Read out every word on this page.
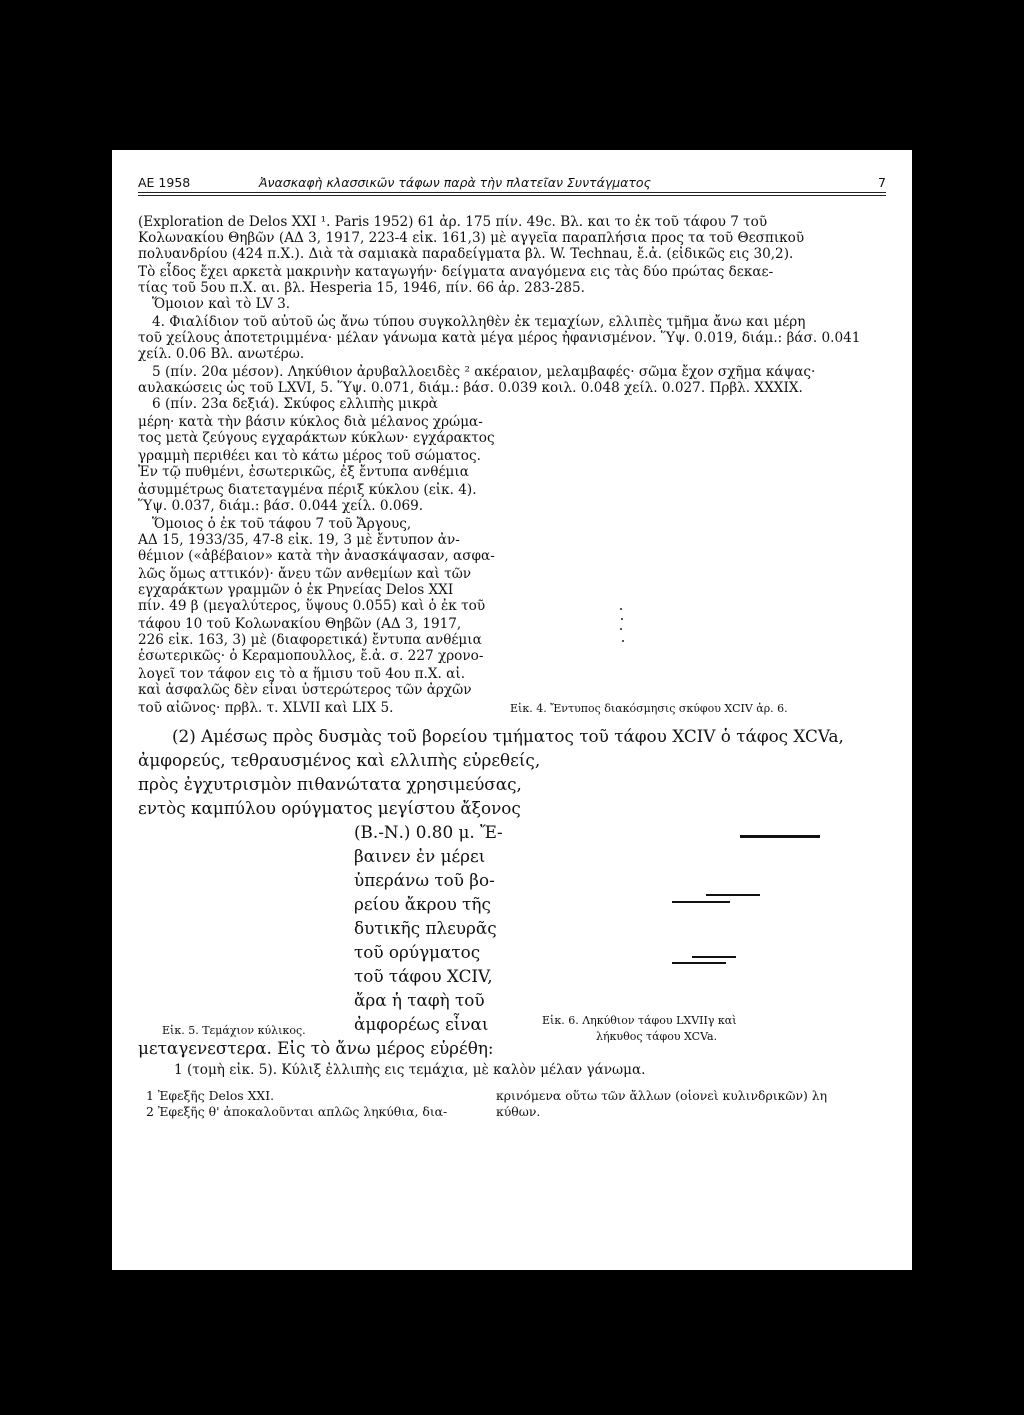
ΑΕ 1958	Ἀνασκαφὴ κλασσικῶν τάφων παρὰ τὴν πλατεῖαν Συντάγματος	7
(Exploration de Delos XXI ¹. Paris 1952) 61 ἀρ. 175 πίν. 49c. Βλ. και το ἐκ τοῦ τάφου 7 τοῦ
Κολωνακίου Θηβῶν (ΑΔ 3, 1917, 223-4 εἰκ. 161,3) μὲ αγγεῖα παραπλήσια προς τα τοῦ Θεσπικοῦ
πολυανδρίου (424 π.Χ.). Διὰ τὰ σαμιακὰ παραδείγματα βλ. W. Technau, ἔ.ἀ. (εἰδικῶς εις 30,2).
Τὸ εἶδος ἔχει αρκετὰ μακρινὴν καταγωγήν· δείγματα αναγόμενα εις τὰς δύο πρώτας δεκαε-
τίας τοῦ 5ου π.Χ. αι. βλ. Hesperia 15, 1946, πίν. 66 ἀρ. 283-285.
Ὅμοιον καὶ τὸ LV 3.
4. Φιαλίδιον τοῦ αὐτοῦ ὡς ἄνω τύπου συγκολληθὲν ἐκ τεμαχίων, ελλιπὲς τμῆμα ἄνω και μέρη
τοῦ χείλους ἀποτετριμμένα· μέλαν γάνωμα κατὰ μέγα μέρος ἠφανισμένον. Ὕψ. 0.019, διάμ.: βάσ. 0.041
χείλ. 0.06 Βλ. ανωτέρω.
5 (πίν. 20α μέσον). Ληκύθιον ἀρυβαλλοειδὲς ² ακέραιον, μελαμβαφές· σῶμα ἔχον σχῆμα κάψας·
αυλακώσεις ὡς τοῦ LXVI, 5. Ὕψ. 0.071, διάμ.: βάσ. 0.039 κοιλ. 0.048 χείλ. 0.027. Πρβλ. XXXIX.
6 (πίν. 23α δεξιά). Σκύφος ελλιπὴς μικρὰ
μέρη· κατὰ τὴν βάσιν κύκλος διὰ μέλανος χρώμα-
τος μετὰ ζεύγους εγχαράκτων κύκλων· εγχάρακτος
γραμμὴ περιθέει και τὸ κάτω μέρος τοῦ σώματος.
Ἐν τῷ πυθμένι, ἐσωτερικῶς, ἐξ ἔντυπα ανθέμια
ἀσυμμέτρως διατεταγμένα πέριξ κύκλου (εἰκ. 4).
Ὕψ. 0.037, διάμ.: βάσ. 0.044 χείλ. 0.069.
Ὅμοιος ὁ ἐκ τοῦ τάφου 7 τοῦ Ἄργους,
ΑΔ 15, 1933/35, 47-8 εἰκ. 19, 3 μὲ ἔντυπον ἀν-
θέμιον («ἀβέβαιον» κατὰ τὴν ἀνασκάψασαν, ασφα-
λῶς ὅμως αττικόν)· ἄνευ τῶν ανθεμίων καὶ τῶν
εγχαράκτων γραμμῶν ὁ ἐκ Ρηνείας Delos XXI
πίν. 49 β (μεγαλύτερος, ὕψους 0.055) καὶ ὁ ἐκ τοῦ
τάφου 10 τοῦ Κολωνακίου Θηβῶν (ΑΔ 3, 1917,
226 εἰκ. 163, 3) μὲ (διαφορετικά) ἔντυπα ανθέμια
ἐσωτερικῶς· ὁ Κεραμοπουλλος, ἔ.ἀ. σ. 227 χρονο-
λογεῖ τον τάφον εις τὸ α ἥμισυ τοῦ 4ου π.Χ. αἰ.
καὶ ἀσφαλῶς δὲν εἶναι ὑστερώτερος τῶν ἀρχῶν
τοῦ αἰῶνος· πρβλ. τ. XLVII καὶ LIX 5.	Εἰκ. 4. Ἔντυπος διακόσμησις σκύφου XCIV ἀρ. 6.
(2) Αμέσως πρὸς δυσμὰς τοῦ βορείου τμήματος τοῦ τάφου XCIV ὁ τάφος XCVa,
ἀμφορεύς, τεθραυσμένος καὶ ελλιπὴς εὑρεθείς,
πρὸς ἐγχυτρισμὸν πιθανώτατα χρησιμεύσας,
εντὸς καμπύλου ορύγματος μεγίστου ἄξονος
(Β.-Ν.) 0.80 μ. Ἔ-
βαινεν ἐν μέρει
ὑπεράνω τοῦ βο-
ρείου ἄκρου τῆς
δυτικῆς πλευρᾶς
τοῦ ορύγματος
τοῦ τάφου XCIV,
ἄρα ἡ ταφὴ τοῦ
ἀμφορέως εἶναι
Εἰκ. 5. Τεμάχιον κύλικος.
Εἰκ. 6. Ληκύθιον τάφου LXVIIγ καὶ
λήκυθος τάφου XCVa.
μεταγενεστερα. Εἰς τὸ ἄνω μέρος εὑρέθη:
1 (τομὴ εἰκ. 5). Κύλιξ ἐλλιπὴς εις τεμάχια, μὲ καλὸν μέλαν γάνωμα.
1 Ἐφεξῆς Delos XXI.
2 Ἐφεξῆς θ' ἀποκαλοῦνται απλῶς ληκύθια, δια-
κρινόμενα οὕτω τῶν ἄλλων (οἱονεὶ κυλινδρικῶν) λη
κύθων.
